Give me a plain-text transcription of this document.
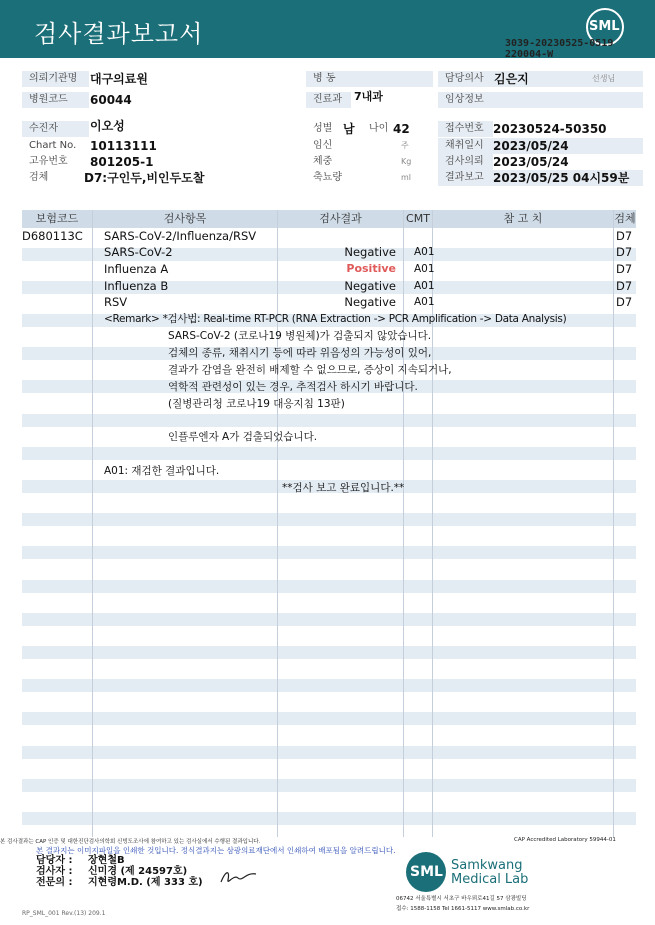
검사결과보고서	SML
3039-20230525-0519
220004-W
의뢰기관명	대구의료원
병원코드	60044
병 동
진료과	7내과
담당의사 김은지	선생님
임상정보
수진자	이오성
Chart No. 10113111
고유번호 801205-1
검체	D7:구인두,비인두도찰
성별 남	나이 42
임신	주
체중	Kg
축뇨량	ml
접수번호 20230524-50350
채취일시 2023/05/24
검사의뢰 2023/05/24
결과보고 2023/05/25 04시59분
보험코드	검사항목	검사결과	CMT	참 고 치	검체
D680113C SARS-CoV-2/Influenza/RSV	D7
SARS-CoV-2	Negative A01	D7
Influenza A	Positive A01	D7
Influenza B	Negative A01	D7
RSV	Negative A01	D7
<Remark> *검사법: Real-time RT-PCR (RNA Extraction -> PCR Amplification -> Data Analysis)
SARS-CoV-2 (코로나19 병원체)가 검출되지 않았습니다.
검체의 종류, 채취시기 등에 따라 위음성의 가능성이 있어,
결과가 감염을 완전히 배제할 수 없으므로, 증상이 지속되거나,
역학적 관련성이 있는 경우, 추적검사 하시기 바랍니다.
(질병관리청 코로나19 대응지침 13판)
인플루엔자 A가 검출되었습니다.
A01: 재검한 결과입니다.
**검사 보고 완료입니다.**
본 검사결과는 CAP 인증 및 대한진단검사의학회 신빙도조사에 참여하고 있는 검사실에서 수행된 결과입니다.	CAP Accredited Laboratory 59944-01
본 결과지는 이미지파일을 인쇄한 것입니다. 정식결과지는 삼광의료재단에서 인쇄하여 배포됨을 알려드립니다.
담당자 : 장현철B
검사자 : 신미경 (제 24597호)
전문의 : 지현령M.D. (제 333 호)
SML Samkwang
Medical Lab
06742 서울특별시 서초구 바우뫼로41길 57 삼광빌딩
접수: 1588-1158 Tel 1661-5117 www.smlab.co.kr
RP_SML_001 Rev.(13) 209.1
